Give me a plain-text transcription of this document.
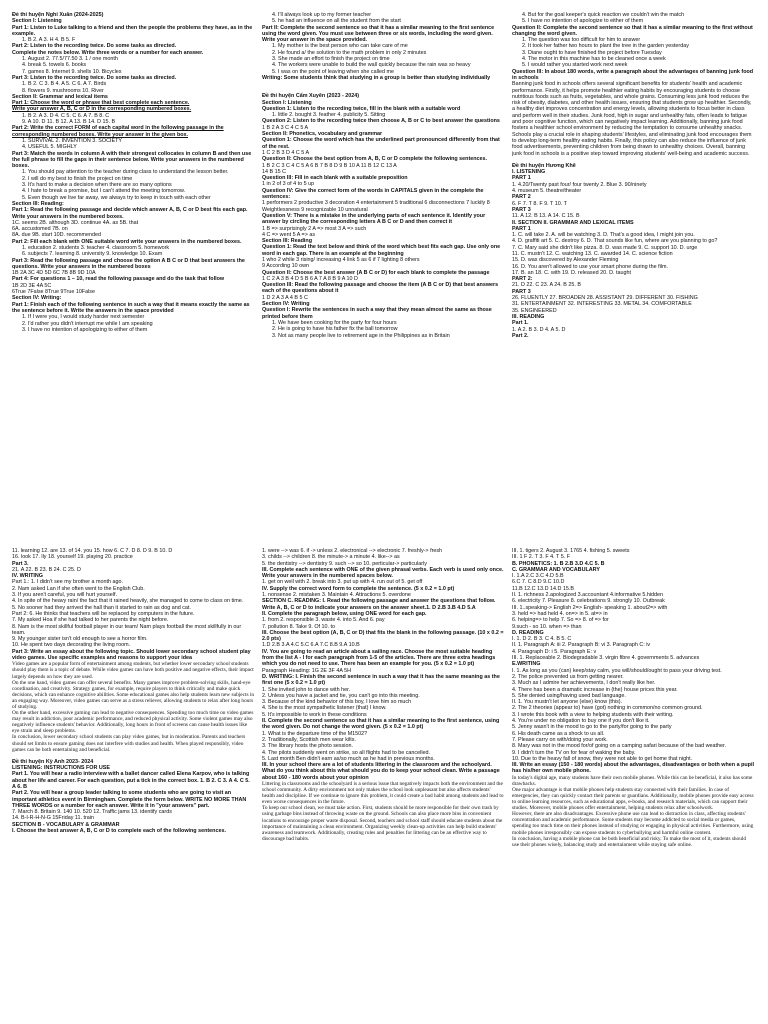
Đề thi huyện Nghi Xuân (2024-2025)
Section I: Listening
Part 1: Listen to Luke talking to a friend and then the people the problems they have, as in the example.
1. B 2. A 3. H 4. B 5. F
Part 2: Listen to the recording twice. Do some tasks as directed.
Complete the notes below. Write three words or a number for each answer.
1. August 2. 77.5/77.50 3. 1 / one month
4. break 5. towels 6. books
7. games 8. Internet 9. shells 10. Bicycles
Part 3: Listen to the recording twice. Do some tasks as directed.
1. B 2. C 3. B 4. A 5. C 6. A 7. Birds
8. flowers 9. mushrooms 10. River
Section II: Grammar and lexical items
Part 1: Choose the word or phrase that best complete each sentence.
Write your answer A, B, C or D in the corresponding numbered boxes.
1. B 2. A 3. D 4. C 5. C 6. A 7. B 8. C
9. A 10. D 11. B 12. A 13. B 14. D 15. B
Part 2: Write the correct FORM of each capital word in the following passage in the corresponding numbered boxes. Write your answer in the given box.
1. SURVIVAL 2. INVENTION 3. SOCIETY
4. USEFUL 5. MIGHLY
Part 3: Match the words in column A with their strongest collocates in column B and then use the full phrase to fill the gaps in their sentence below. Write your answers in the numbered boxes.
1. You should pay attention to the teacher during class to understand the lesson better.
2. I will do my best to finish the project on time
3. It's hard to make a decision when there are so many options
4. I hate to break a promise, but I can't attend the meeting tomorrow.
5. Even though we live far away, we always try to keep in touch with each other
Section III: Reading:
Part 1: Read the following passage and decide which answer A, B, C or D best fits each gap. Write your answers in the numbered boxes.
1C. seems 2B. although 3D. continue 4A. as 5B. that
6A. accustomed 7B. on
8A. due 9B. start 10D. recommended
Part 2: Fill each blank with ONE suitable word write your answers in the numbered boxes.
1. education 2. students 3. teacher 4. classroom 5. homework
6. subjects 7. learning 8. university 9. knowledge 10. Exam
Part 3: Read the following passage and choose the option A B C or D that best answers the questions. Write your answers in the numbered boxes
1B 2A 3C 4D 5D 6C 7B 8B 9D 10A
Part 4: For questions 1 – 10, read the following passage and do the task that follow
1B 2D 3E 4A 5C
6True 7False 8True 9True 10False
Section IV: Writing:
Part 1: Finish each of the following sentence in such a way that it means exactly the same as the sentence before it. Write the answers in the space provided
1. If I were you, I would study harder next semester
2. I'd rather you didn't interrupt me while I am speaking
3. I have no intention of apologizing to either of them
4. I'll always look up to my former teacher
5. he had an influence on all the student from the start
Part II: Complete the second sentence so that it has a similar meaning to the first sentence using the word given. You must use between three or six words, including the word given. Write your answer in the space provided.
1. My mother is the best person who can take care of me
2. He found a/ the solution to the math problem in only 2 minutes
3. She made an effort to finish the project on time
4. The workers were unable to build the wall quickly because the rain was so heavy
5. I was on the point of leaving when she called me
Writing: Some students think that studying in a group is better than studying individually
Đề thi huyện Cẩm Xuyên (2023 - 2024)
Section I: Listening
Question 1: Listen to the recording twice, fill in the blank with a suitable word
1. little 2. bought 3. feather 4. publicity 5. Sitting
Question 2: Listen to the recording twice then choose A, B or C to best answer the questions
1 B 2 A 3 C 4 C 5 A
Section II: Phonetics, vocabulary and grammar
Question 1: Choose the word which has the underlined part pronounced differently from that of the rest.
1 C 2 B 3 D 4 C 5 A
Question II: Choose the best option from A, B, C or D complete the following sentences.
1 B 2 C 3 C 4 C 5 A 6 B 7 B 8 D 9 B 10 A 11 B 12 C 13 A
14 B 15 C
Question III: Fill in each blank with a suitable preposition
1 in 2 of 3 of 4 to 5 up
Question IV: Give the correct form of the words in CAPITALS given in the complete the sentences:
1 performers 2 productive 3 decoration 4 entertainment 5 traditional 6 disconnections 7 luckily 8 Weightlessness 9 recognizable 10 unnatural
Question V: There is a mistake in the underlying parts of each sentence it. Identify your answer by circling the corresponding letters A B C or D and then correct it
1 B => surprisingly 2 A => most 3 A => such
4 C => went 5 A => as
Section III: Reading
Question 1: Read the text below and think of the word which best fits each gap. Use only one word in each gap. There is an example at the beginning
1 who 2 while 3 rising/ increasing 4 link 5 as 6 if 7 lighting 8 others
9 According 10 own
Question II: Choose the best answer (A B C or D) for each blank to complete the passage
1 C 2 A 3 B 4 D 5 B 6 A 7 A 8 B 9 A 10 D
Question III: Read the following passage and choose the item (A B C or D) that best answers each of the questions about it
1 D 2 A 3 A 4 B 5 C
Section IV: Writing
Question I: Rewrite the sentences in such a way that they mean almost the same as those printed before them
1. We have been cooking for the party for four hours
2. He is going to have his father fix the ball tomorrow
3. Not as many people live to retirement age in the Philippines as in Britain
4. But for the goal keeper's quick reaction we couldn't win the match
5. I have no intention of apologize to either of them
Question II: Complete the second sentence so that it has a similar meaning to the first without changing the word given.
1. The question was too difficult for him to answer
2. It took her father two hours to plant the tree in the garden yesterday
3. Diane ought to have finished the project before Tuesday
4. The motor in this machine has to be cleaned once a week
5. I would rather you started work next week
Question III: In about 180 words, write a paragraph about the advantages of banning junk food in schools
Banning junk food in schools offers several significant benefits for students' health and academic performance. Firstly, it helps promote healthier eating habits by encouraging students to choose nutritious foods such as fruits, vegetables, and whole grains. Consuming less junk food reduces the risk of obesity, diabetes, and other health issues, ensuring that students grow up healthier. Secondly, a healthy diet improves concentration and energy levels, allowing students to focus better in class and perform well in their studies. Junk food, high in sugar and unhealthy fats, often leads to fatigue and poor cognitive function, which can negatively impact learning. Additionally, banning junk food fosters a healthier school environment by reducing the temptation to consume unhealthy snacks. Schools play a crucial role in shaping students' lifestyles, and eliminating junk food encourages them to develop long-term healthy eating habits. Finally, this policy can also reduce the influence of junk food advertisements, preventing children from being drawn to unhealthy choices. Overall, banning junk food in schools is a positive step toward improving students' well-being and academic success.
Đề thi huyện Hương Khê
I. LISTENING
PART 1
1. 4.20/Twenty past four/ four twenty 2. Blue 3. 90/ninety
4. museum 5. theatre/theater
PART 2
6. F 7. T 8. F 9. T 10. T
PART 3
11. A 12. B 13. A 14. C 15. B
II. SECTION II. GRAMMAR AND LEXICAL ITEMS
PART 1
1. C. will take 2. A. will be watching 3. D. That's a good idea, I might join you.
4. D. graffiti art 5. C. destroy 6. D. That sounds like fun, where are you planning to go?
7. C. Mary said she didn't like pizza. 8. D. was made 9. C. support 10. D. urge
11. C. mustn't 12. C. watching 13. C. awarded 14. C. science fiction
15. D. was discovered by Alexander Fleming
16. D. You aren't allowed to use your smart phone during the film.
17. B. an 18. C. with 19. D. released 20. D. taught
PART 2:
21. D 22. C 23. A 24. B 25. B
PART 3
26. FLUENTLY 27. BROADEN 28. ASSISTANT 29. DIFFERENT 30. FISHING
31. ENTERTAINMENT 32. INTERESTING 33. METAL 34. COMFORTABLE
35. ENGINEERED
III. READING
Part 1.
1. A 2. B 3. D 4. A 5. D
Part 2.
11. learning 12. are 13. of 14. you 15. how 6. C 7. D 8. D 9. B 10. D
16. look 17. lly 18. yourself 19. playing 20. practice
Part 3.
21. A 22. B 23. B 24. C 25. D
IV. WRITING
Part 1.: 1. I didn't see my brother a month ago.
2. Nam asked Lan if she often went to the English Club.
3. If you aren't careful, you will hurt yourself.
4. In spite of the heavy rain/ the fact that it rained heavily, she managed to come to class on time.
5. No sooner had they arrived the hall than it started to rain as dog and cat.
Part 2: 6. He thinks that teachers will be replaced by computers in the future.
7. My asked Hoa if she had talked to her parents the night before.
8. Nam is the most skillful football player in our team/ Nam plays football the most skillfully in our team.
9. My younger sister isn't old enough to see a horror film.
10. He spent two days decorating the living room.
Part 3: Write an essay about the following topic. Should lower secondary school student play video games. Use specific examples and reasons to support your idea
Video games are a popular form of entertainment among students, but whether lower secondary school students should play them is a topic of debate. While video games can have both positive and negative effects, their impact largely depends on how they are used.
On the one hand, video games can offer several benefits. Many games improve problem-solving skills, hand-eye coordination, and creativity. Strategy games, for example, require players to think critically and make quick decisions, which can enhance cognitive abilities. Some educational games also help students learn new subjects in an engaging way. Moreover, video games can serve as a stress reliever, allowing students to relax after long hours of studying.
On the other hand, excessive gaming can lead to negative consequences. Spending too much time on video games may result in addiction, poor academic performance, and reduced physical activity. Some violent games may also negatively influence students' behavior. Additionally, long hours in front of screens can cause health issues like eye strain and sleep problems.
In conclusion, lower secondary school students can play video games, but in moderation. Parents and teachers should set limits to ensure gaming does not interfere with studies and health. When played responsibly, video games can be both entertaining and beneficial.
Đề thi huyện Kỳ Anh 2023- 2024
LISTENING: INSTRUCTIONS FOR USE
Part 1. You will hear a radio interview with a ballet dancer called Elena Karpov, who is talking about her life and career. For each question, put a tick in the correct box. 1. B 2. C 3. A 4. C 5. A 6. B
Part 2. You will hear a group leader talking to some students who are going to visit an important athletics event in Birmingham. Complete the form below. WRITE NO MORE THAN THREE WORDS or a number for each answer. Write it in "your answers" part.
7. March 8. Britain 9. 140 10. 520 12. Traffic jams 13. identify cards
14. B-I-R-H-N-G 15Friday 11. train
SECTION B - VOCABULARY & GRAMMAR
I. Choose the best answer A, B, C or D to complete each of the following sentences.
1. were --> was 6. if -> unless 2. electronical --> electronic 7. freshly-> fresh
3. childs --> children 8. the minute-> a minute 4. like--> as
5. the dentistry --> dentistry 9. such --> so 10. perticular-> particularly
III. Complete each sentence with ONE of the given phrasal verbs. Each verb is used only once. Write your answers in the numbered spaces below.
1. get on well with 2. break into 3. put up with 4. run out of 5. get off
IV. Supply the correct word form to complete the sentence. (5 x 0.2 = 1.0 pt)
1. nonsense 2. mistaken 3. Maintain 4. Attractions 5. overdone
SECTION C. READING: I. Read the following passage and answer the questions that follow. Write A, B, C or D to indicate your answers on the answer sheet.1. D 2.B 3.B 4.D 5.A
II. Complete the paragraph below, using ONE word for each gap.
1. from 2. responsible 3. waste 4. into 5. And 6. pay
7. pollution 8. Take 9. Of 10. to
III. Choose the best option (A, B, C or D) that fits the blank in the following passage. (10 x 0.2 = 2.0 pts)
1.D 2.B 3.A 4.C 5.C 6.A 7.C 8.B 9.A 10.B
IV. You are going to read an article about a sailing race. Choose the most suitable heading from the list A - I for each paragraph from 1-5 of the articles. There are three extra headings which you do not need to use. There has been an example for you. (5 x 0.2 = 1.0 pt)
Paragraph Heading: 1G 2E 3F 4A 5H
D. WRITING: I. Finish the second sentence in such a way that it has the same meaning as the first one (5 x 0.2 = 1.0 pt)
1. She invited john to dance with her.
2. Unless you have a jacket and tie, you can't go into this meeting.
3. Because of the kind behavior of this boy, I love him so much
4. She is the most sympathetic listener (that) I know.
5. It's impossible to work in these conditions
II. Complete the second sentence so that it has a similar meaning to the first sentence, using the word given. Do not change the word given. (5 x 0.2 = 1.0 pt)
1. What is the departure time of the M1502?
2. Traditionally, Scottish men wear kilts.
3. The library hosts the photo session.
4. The pilots suddenly went on strike, so all flights had to be cancelled.
5. Last month Ben didn't earn as/so much as he had in previous months.
III. In your school there are a lot of students littering in the classroom and the schoolyard. What do you think about this what should you do to keep your school clean. Write a passage about 160 - 180 words about your opinion
Littering in classrooms and the schoolyard is a serious issue that negatively impacts both the environment and the school community. A dirty environment not only makes the school look unpleasant but also affects students' health and discipline. If we continue to ignore this problem, it could create a bad habit among students and lead to even worse consequences in the future.
To keep our school clean, we must take action. First, students should be more responsible for their own trash by using garbage bins instead of throwing waste on the ground. Schools can also place more bins in convenient locations to encourage proper waste disposal. Second, teachers and school staff should educate students about the importance of maintaining a clean environment. Organizing weekly clean-up activities can help build students' awareness and teamwork. Additionally, creating rules and penalties for littering can be an effective way to discourage bad habits.
III. 1. tigers 2. August 3. 1765 4. fishing 5. sweets
III. 1 F 2. T 3. F 4. T 5. F
B. PHONETICS: 1. B 2.B 3.D 4.C 5. B
C. GRAMMAR AND VOCABULARY
I. 1.A 2.C 3.C 4.D 5.B
6.C 7. C 8.D 9.C 10.D
11.B 12.C 13.D 14.D 15.B
II. 1. richness 2.apologized 3.accountant 4.informative 5.hidden
6. electricity 7. Pleasure 8. celebrations 9. strongly 10. Outbreak
III. 1..speaking-> English 2=> English- speaking 1. about2=> with
3. held => had held 4. on=> in 5. at=> in
6. helping=> to help 7. So => 8. of => for
9.such - so 10. when => than
D. READING
I. 1. D 2. B 3. C 4. B 5. C
II. 1. Paragraph A: iii 2. Paragraph B: vi 3. Paragraph C: iv
4. Paragraph D: i 5. Paragraph E: v
III. 1. Replaceable 2. Biodegradable 3. virgin fibre 4. governments 5. advances
E.WRITING
I. 1. As long as you (can) keep/stay calm, you will/should/ought to pass your driving test.
2. The police prevented us from getting nearer.
3. Much as I admire her achievements, I don't really like her.
4. There has been a dramatic increase in (the) house prices this year.
5. She denied using/having used bad language.
II. 1. You mustn't let anyone (else) know (this).
2. The 2 theories (appear to) have (got) nothing in common/no common ground.
3. I wrote this book with a view to helping students with their writing.
4. You're under no obligation to buy one if you don't like it.
5. Jenny wasn't in the mood to go to the party/for going to the party
6. His death came as a shock to us all.
7. Please carry on with/doing your work.
8. Mary was not in the mood for/of going on a camping safari because of the bad weather.
9. I didn't turn the TV on for fear of waking the baby.
10. Due to the heavy fall of snow, they were not able to get home that night.
III. Write an essay (150 - 180 words) about the advantages, disadvantages or both when a pupil has his/her own mobile phone.
In today's digital age, many students have their own mobile phones. While this can be beneficial, it also has some drawbacks.
One major advantage is that mobile phones help students stay connected with their families. In case of emergencies, they can quickly contact their parents or guardians. Additionally, mobile phones provide easy access to online learning resources, such as educational apps, e-books, and research materials, which can support their studies. Moreover, mobile phones offer entertainment, helping students relax after schoolwork.
However, there are also disadvantages. Excessive phone use can lead to distraction in class, affecting students' concentration and academic performance. Some students may become addicted to social media or games, spending too much time on their phones instead of studying or engaging in physical activities. Furthermore, using mobile phones irresponsibly can expose students to cyberbullying and harmful online content.
In conclusion, having a mobile phone can be both beneficial and risky. To make the most of it, students should use their phones wisely, balancing study and entertainment while staying safe online.
